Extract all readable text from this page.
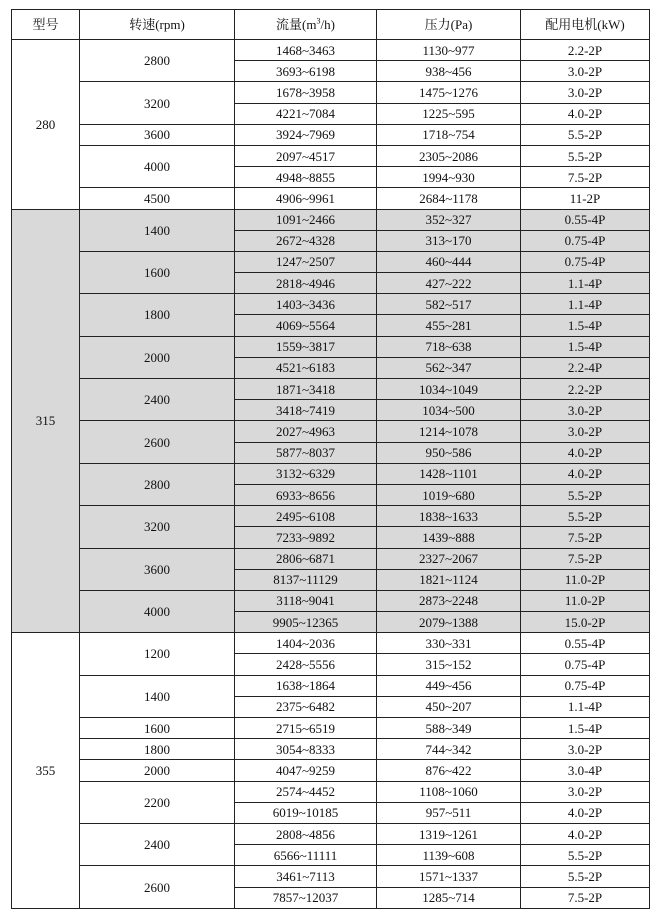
型号	转速(rpm)	流量$(m^3/h)$	压力(Pa)	配用电机(kW)
280	2800	1468~3463	1130~977	2.2-2P
		3693~6198	938~456	3.0-2P
	3200	1678~3958	1475~1276	3.0-2P
		4221~7084	1225~595	4.0-2P
	3600	3924~7969	1718~754	5.5-2P
	4000	2097~4517	2305~2086	5.5-2P
		4948~8855	1994~930	7.5-2P
	4500	4906~9961	2684~1178	11-2P
315	1400	1091~2466	352~327	0.55-4P
		2672~4328	313~170	0.75-4P
	1600	1247~2507	460~444	0.75-4P
		2818~4946	427~222	1.1-4P
	1800	1403~3436	582~517	1.1-4P
		4069~5564	455~281	1.5-4P
	2000	1559~3817	718~638	1.5-4P
		4521~6183	562~347	2.2-4P
	2400	1871~3418	1034~1049	2.2-2P
		3418~7419	1034~500	3.0-2P
	2600	2027~4963	1214~1078	3.0-2P
		5877~8037	950~586	4.0-2P
	2800	3132~6329	1428~1101	4.0-2P
		6933~8656	1019~680	5.5-2P
	3200	2495~6108	1838~1633	5.5-2P
		7233~9892	1439~888	7.5-2P
	3600	2806~6871	2327~2067	7.5-2P
		8137~11129	1821~1124	11.0-2P
	4000	3118~9041	2873~2248	11.0-2P
		9905~12365	2079~1388	15.0-2P
355	1200	1404~2036	330~331	0.55-4P
		2428~5556	315~152	0.75-4P
	1400	1638~1864	449~456	0.75-4P
		2375~6482	450~207	1.1-4P
	1600	2715~6519	588~349	1.5-4P
	1800	3054~8333	744~342	3.0-2P
	2000	4047~9259	876~422	3.0-4P
	2200	2574~4452	1108~1060	3.0-2P
		6019~10185	957~511	4.0-2P
	2400	2808~4856	1319~1261	4.0-2P
		6566~11111	1139~608	5.5-2P
	2600	3461~7113	1571~1337	5.5-2P
		7857~12037	1285~714	7.5-2P
